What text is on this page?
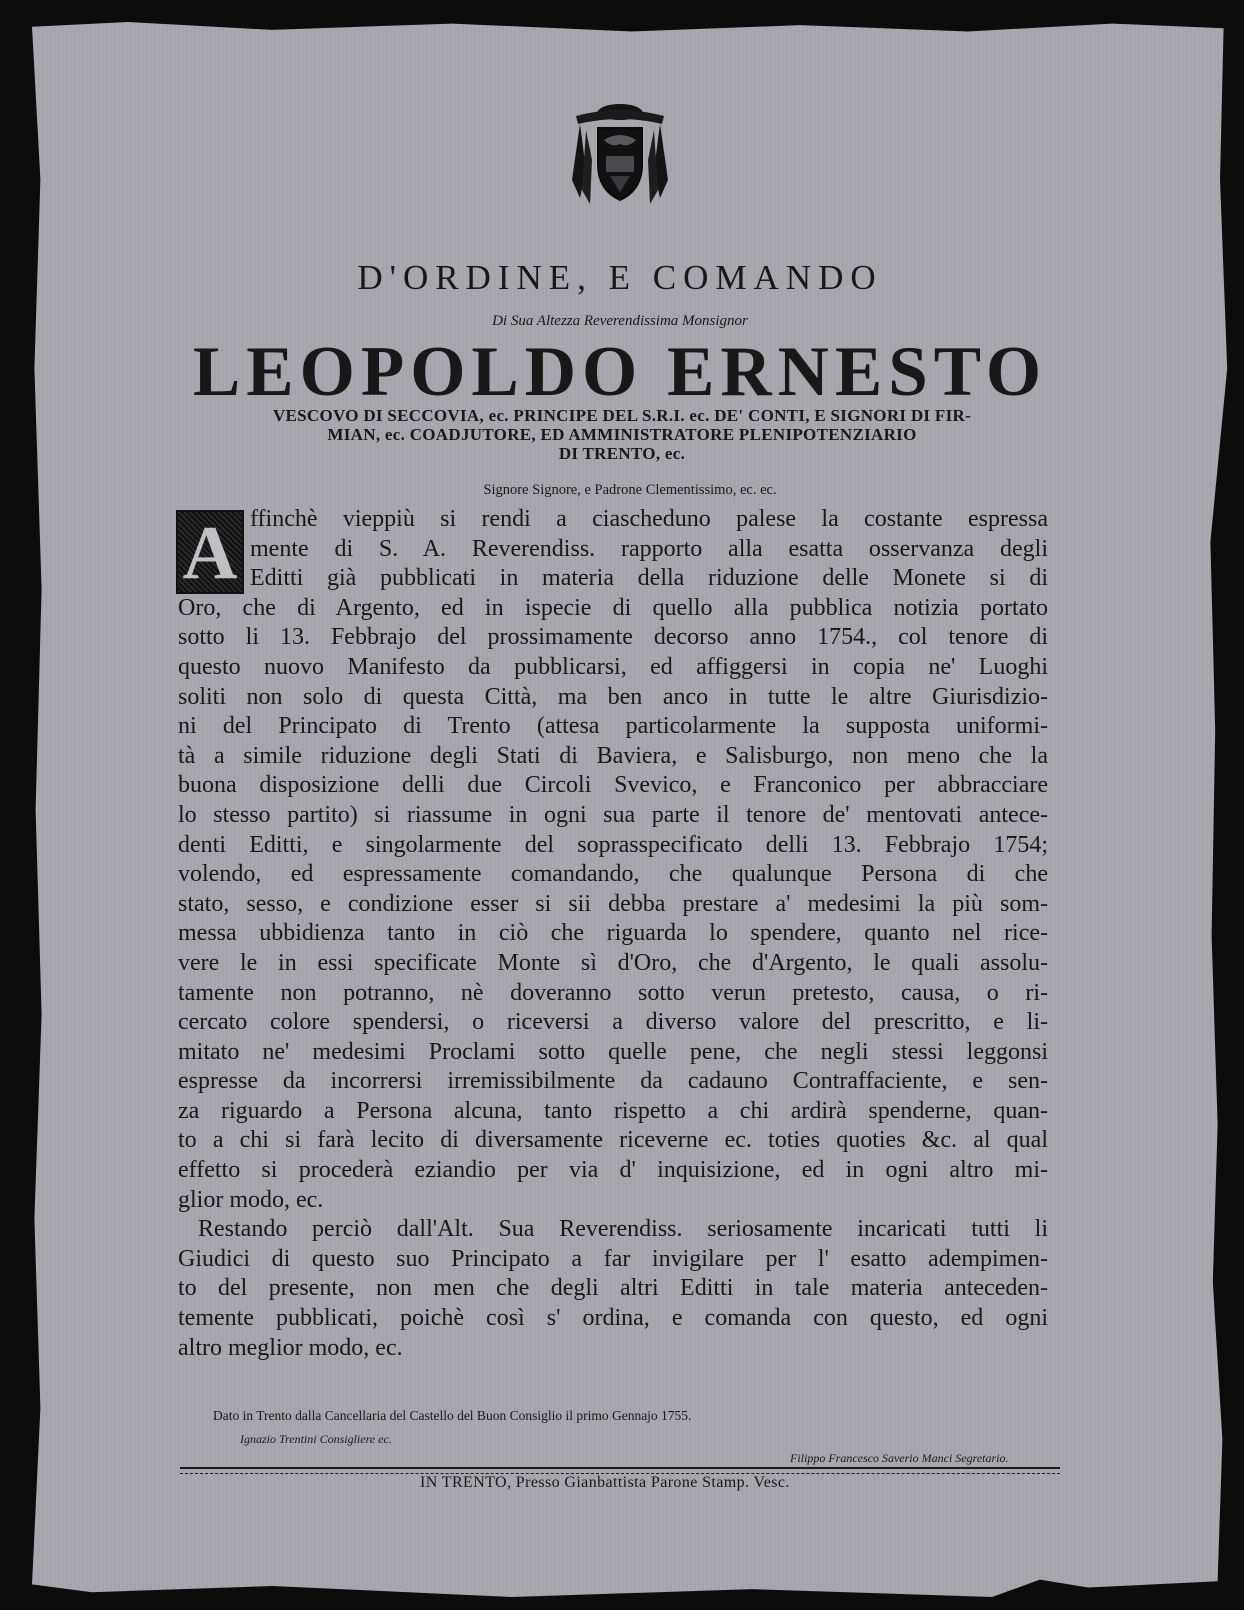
D'ORDINE, E COMANDO
Di Sua Altezza Reverendissima Monsignor
LEOPOLDO ERNESTO
VESCOVO DI SECCOVIA, ec. PRINCIPE DEL S.R.I. ec. DE' CONTI, E SIGNORI DI FIR-
MIAN, ec. COADJUTORE, ED AMMINISTRATORE PLENIPOTENZIARIO
DI TRENTO, ec.
Signore Signore, e Padrone Clementissimo, ec. ec.
A ffinchè vieppiù si rendi a ciascheduno palese la costante espressa
mente di S. A. Reverendiss. rapporto alla esatta osservanza degli
Editti già pubblicati in materia della riduzione delle Monete si di
Oro, che di Argento, ed in ispecie di quello alla pubblica notizia portato
sotto li 13. Febbrajo del prossimamente decorso anno 1754., col tenore di
questo nuovo Manifesto da pubblicarsi, ed affiggersi in copia ne' Luoghi
soliti non solo di questa Città, ma ben anco in tutte le altre Giurisdizio-
ni del Principato di Trento (attesa particolarmente la supposta uniformi-
tà a simile riduzione degli Stati di Baviera, e Salisburgo, non meno che la
buona disposizione delli due Circoli Svevico, e Franconico per abbracciare
lo stesso partito) si riassume in ogni sua parte il tenore de' mentovati antece-
denti Editti, e singolarmente del soprasspecificato delli 13. Febbrajo 1754;
volendo, ed espressamente comandando, che qualunque Persona di che
stato, sesso, e condizione esser si sii debba prestare a' medesimi la più som-
messa ubbidienza tanto in ciò che riguarda lo spendere, quanto nel rice-
vere le in essi specificate Monte sì d'Oro, che d'Argento, le quali assolu-
tamente non potranno, nè doveranno sotto verun pretesto, causa, o ri-
cercato colore spendersi, o riceversi a diverso valore del prescritto, e li-
mitato ne' medesimi Proclami sotto quelle pene, che negli stessi leggonsi
espresse da incorrersi irremissibilmente da cadauno Contraffaciente, e sen-
za riguardo a Persona alcuna, tanto rispetto a chi ardirà spenderne, quan-
to a chi si farà lecito di diversamente riceverne ec. toties quoties &c. al qual
effetto si procederà eziandio per via d' inquisizione, ed in ogni altro mi-
glior modo, ec.
Restando perciò dall'Alt. Sua Reverendiss. seriosamente incaricati tutti li
Giudici di questo suo Principato a far invigilare per l' esatto adempimen-
to del presente, non men che degli altri Editti in tale materia anteceden-
temente pubblicati, poichè così s' ordina, e comanda con questo, ed ogni
altro meglior modo, ec.
Dato in Trento dalla Cancellaria del Castello del Buon Consiglio il primo Gennajo 1755.
Ignazio Trentini Consigliere ec.
Filippo Francesco Saverio Manci Segretario.
IN TRENTO, Presso Gianbattista Parone Stamp. Vesc.
